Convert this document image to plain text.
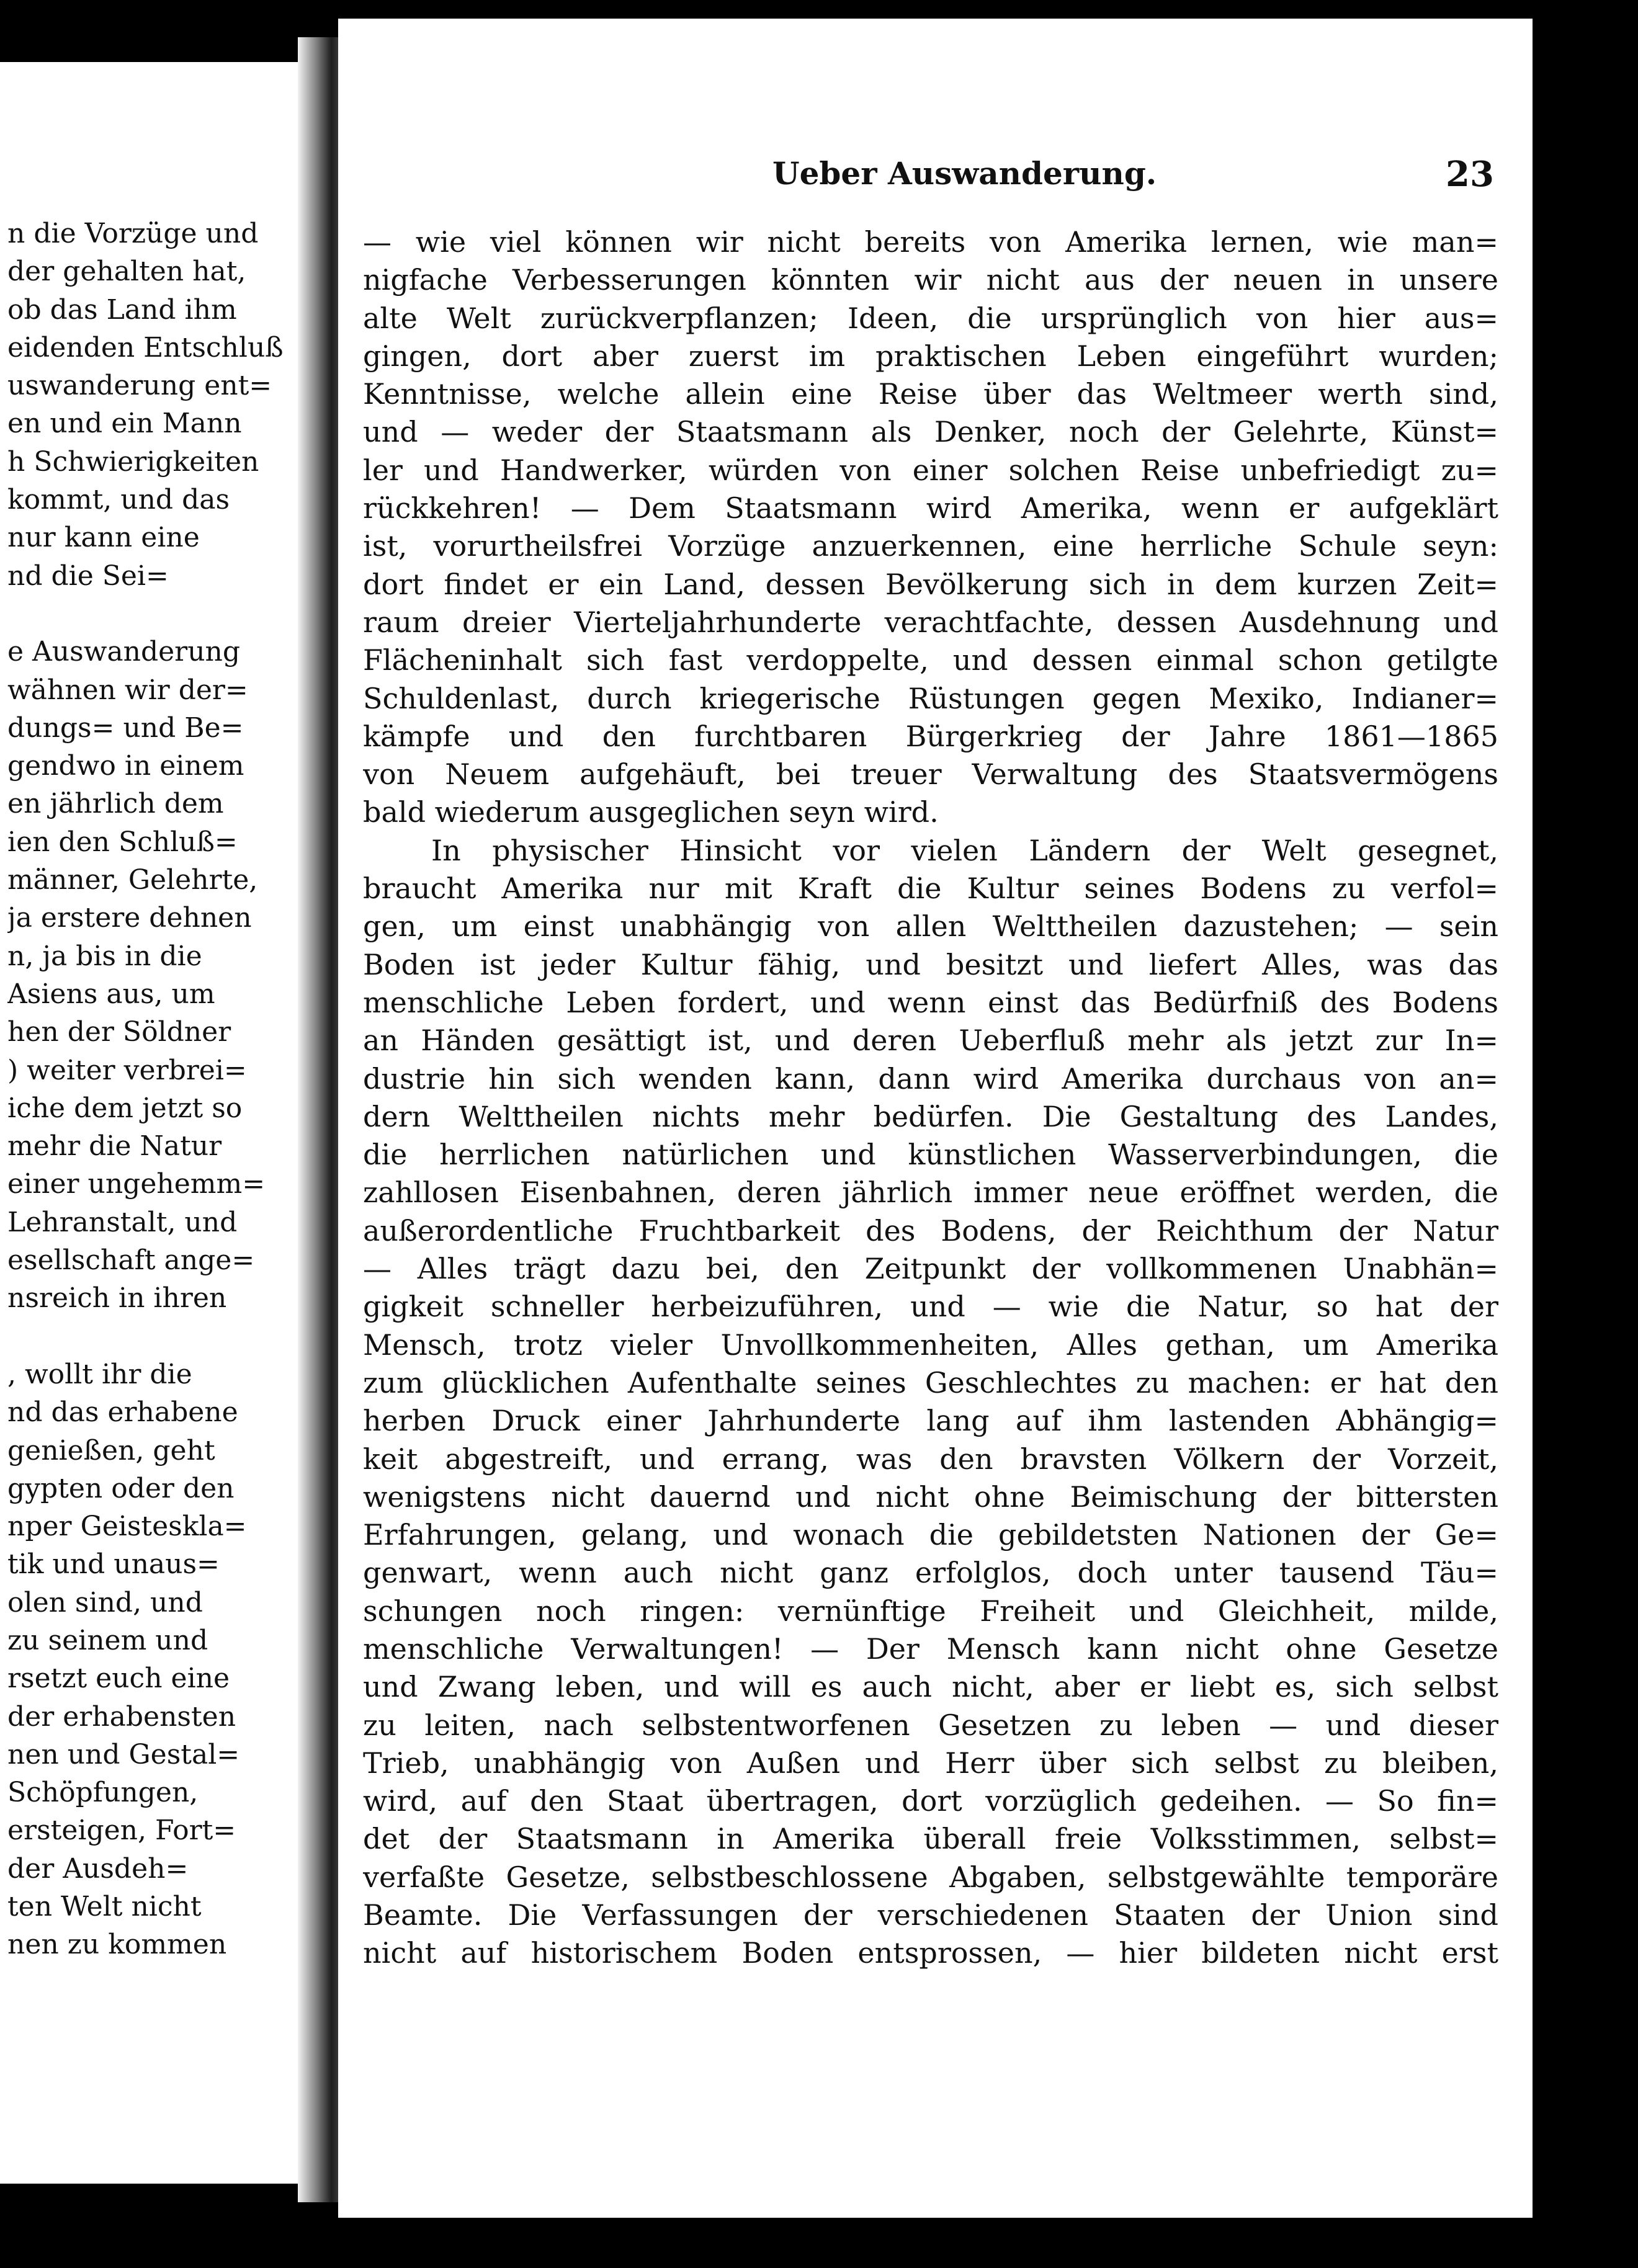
n die Vorzüge und
der gehalten hat,
ob das Land ihm
eidenden Entschluß
uswanderung ent=
en und ein Mann
h Schwierigkeiten
kommt, und das
nur kann eine
nd die Sei=
e Auswanderung
wähnen wir der=
dungs= und Be=
gendwo in einem
en jährlich dem
ien den Schluß=
männer, Gelehrte,
ja erstere dehnen
n, ja bis in die
Asiens aus, um
hen der Söldner
) weiter verbrei=
iche dem jetzt so
mehr die Natur
einer ungehemm=
Lehranstalt, und
esellschaft ange=
nsreich in ihren
, wollt ihr die
nd das erhabene
genießen, geht
gypten oder den
nper Geisteskla=
tik und unaus=
olen sind, und
zu seinem und
rsetzt euch eine
der erhabensten
nen und Gestal=
Schöpfungen,
ersteigen, Fort=
der Ausdeh=
ten Welt nicht
nen zu kommen
Ueber Auswanderung.	23
— wie viel können wir nicht bereits von Amerika lernen, wie man=
nigfache Verbesserungen könnten wir nicht aus der neuen in unsere
alte Welt zurückverpflanzen; Ideen, die ursprünglich von hier aus=
gingen, dort aber zuerst im praktischen Leben eingeführt wurden;
Kenntnisse, welche allein eine Reise über das Weltmeer werth sind,
und — weder der Staatsmann als Denker, noch der Gelehrte, Künst=
ler und Handwerker, würden von einer solchen Reise unbefriedigt zu=
rückkehren! — Dem Staatsmann wird Amerika, wenn er aufgeklärt
ist, vorurtheilsfrei Vorzüge anzuerkennen, eine herrliche Schule seyn:
dort findet er ein Land, dessen Bevölkerung sich in dem kurzen Zeit=
raum dreier Vierteljahrhunderte verachtfachte, dessen Ausdehnung und
Flächeninhalt sich fast verdoppelte, und dessen einmal schon getilgte
Schuldenlast, durch kriegerische Rüstungen gegen Mexiko, Indianer=
kämpfe und den furchtbaren Bürgerkrieg der Jahre 1861—1865
von Neuem aufgehäuft, bei treuer Verwaltung des Staatsvermögens
bald wiederum ausgeglichen seyn wird.
In physischer Hinsicht vor vielen Ländern der Welt gesegnet,
braucht Amerika nur mit Kraft die Kultur seines Bodens zu verfol=
gen, um einst unabhängig von allen Welttheilen dazustehen; — sein
Boden ist jeder Kultur fähig, und besitzt und liefert Alles, was das
menschliche Leben fordert, und wenn einst das Bedürfniß des Bodens
an Händen gesättigt ist, und deren Ueberfluß mehr als jetzt zur In=
dustrie hin sich wenden kann, dann wird Amerika durchaus von an=
dern Welttheilen nichts mehr bedürfen. Die Gestaltung des Landes,
die herrlichen natürlichen und künstlichen Wasserverbindungen, die
zahllosen Eisenbahnen, deren jährlich immer neue eröffnet werden, die
außerordentliche Fruchtbarkeit des Bodens, der Reichthum der Natur
— Alles trägt dazu bei, den Zeitpunkt der vollkommenen Unabhän=
gigkeit schneller herbeizuführen, und — wie die Natur, so hat der
Mensch, trotz vieler Unvollkommenheiten, Alles gethan, um Amerika
zum glücklichen Aufenthalte seines Geschlechtes zu machen: er hat den
herben Druck einer Jahrhunderte lang auf ihm lastenden Abhängig=
keit abgestreift, und errang, was den bravsten Völkern der Vorzeit,
wenigstens nicht dauernd und nicht ohne Beimischung der bittersten
Erfahrungen, gelang, und wonach die gebildetsten Nationen der Ge=
genwart, wenn auch nicht ganz erfolglos, doch unter tausend Täu=
schungen noch ringen: vernünftige Freiheit und Gleichheit, milde,
menschliche Verwaltungen! — Der Mensch kann nicht ohne Gesetze
und Zwang leben, und will es auch nicht, aber er liebt es, sich selbst
zu leiten, nach selbstentworfenen Gesetzen zu leben — und dieser
Trieb, unabhängig von Außen und Herr über sich selbst zu bleiben,
wird, auf den Staat übertragen, dort vorzüglich gedeihen. — So fin=
det der Staatsmann in Amerika überall freie Volksstimmen, selbst=
verfaßte Gesetze, selbstbeschlossene Abgaben, selbstgewählte temporäre
Beamte. Die Verfassungen der verschiedenen Staaten der Union sind
nicht auf historischem Boden entsprossen, — hier bildeten nicht erst
